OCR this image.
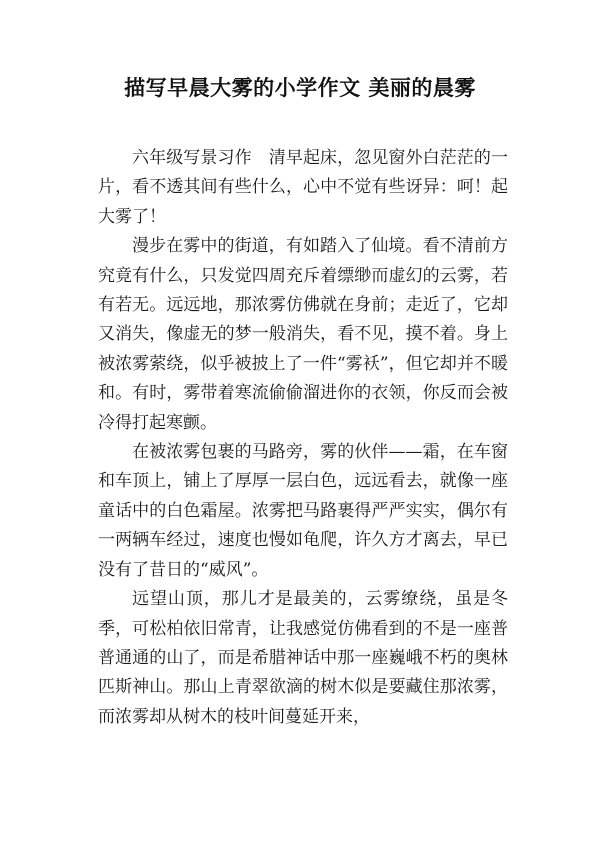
描写早晨大雾的小学作文 美丽的晨雾

六年级写景习作　清早起床，忽见窗外白茫茫的一片，看不透其间有些什么，心中不觉有些讶异：呵！起大雾了！

漫步在雾中的街道，有如踏入了仙境。看不清前方究竟有什么，只发觉四周充斥着缥缈而虚幻的云雾，若有若无。远远地，那浓雾仿佛就在身前；走近了，它却又消失，像虚无的梦一般消失，看不见，摸不着。身上被浓雾萦绕，似乎被披上了一件“雾袄”，但它却并不暖和。有时，雾带着寒流偷偷溜进你的衣领，你反而会被冷得打起寒颤。

在被浓雾包裹的马路旁，雾的伙伴——霜，在车窗和车顶上，铺上了厚厚一层白色，远远看去，就像一座童话中的白色霜屋。浓雾把马路裹得严严实实，偶尔有一两辆车经过，速度也慢如龟爬，许久方才离去，早已没有了昔日的“威风”。

远望山顶，那儿才是最美的，云雾缭绕，虽是冬季，可松柏依旧常青，让我感觉仿佛看到的不是一座普普通通的山了，而是希腊神话中那一座巍峨不朽的奥林匹斯神山。那山上青翠欲滴的树木似是要藏住那浓雾，而浓雾却从树木的枝叶间蔓延开来，
